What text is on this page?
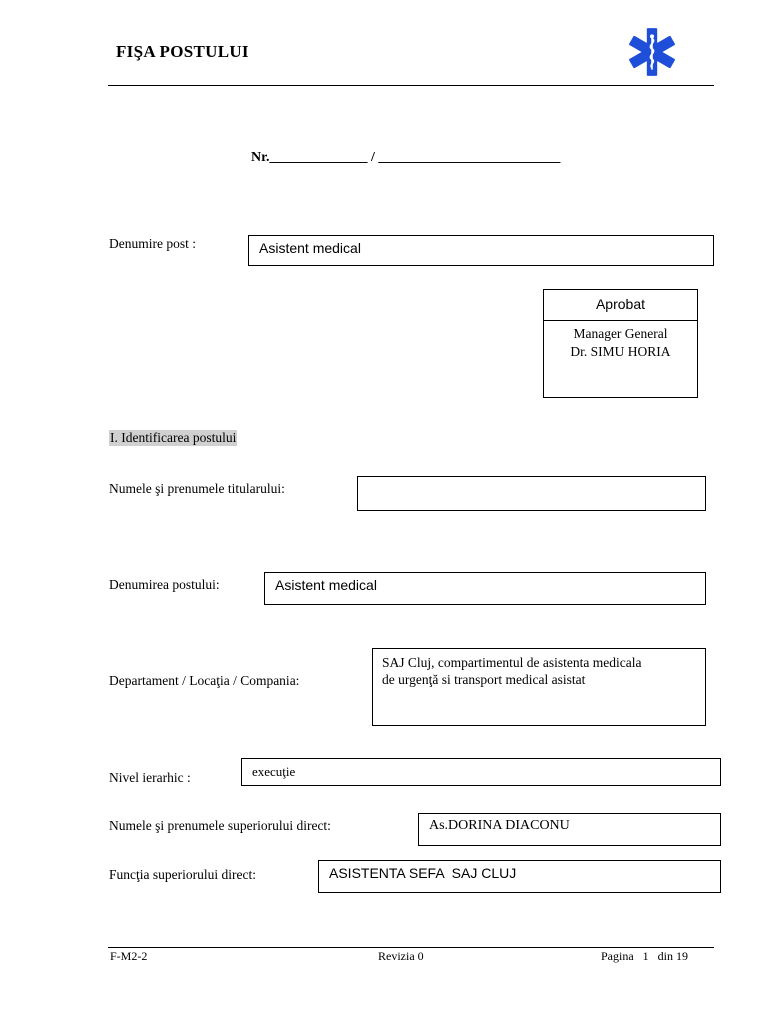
FIŞA POSTULUI
Nr.______________ / __________________________
Denumire post :	Asistent medical
Aprobat
Manager General
Dr. SIMU HORIA
I. Identificarea postului
Numele şi prenumele titularului:
Denumirea postului:	Asistent medical
Departament / Locaţia / Compania:
SAJ Cluj, compartimentul de asistenta medicala
de urgenţă si transport medical asistat
Nivel ierarhic :	execuţie
Numele şi prenumele superiorului direct:	As.DORINA DIACONU
Funcţia superiorului direct:	ASISTENTA SEFA  SAJ CLUJ
F-M2-2	Revizia 0	Pagina   1   din 19
